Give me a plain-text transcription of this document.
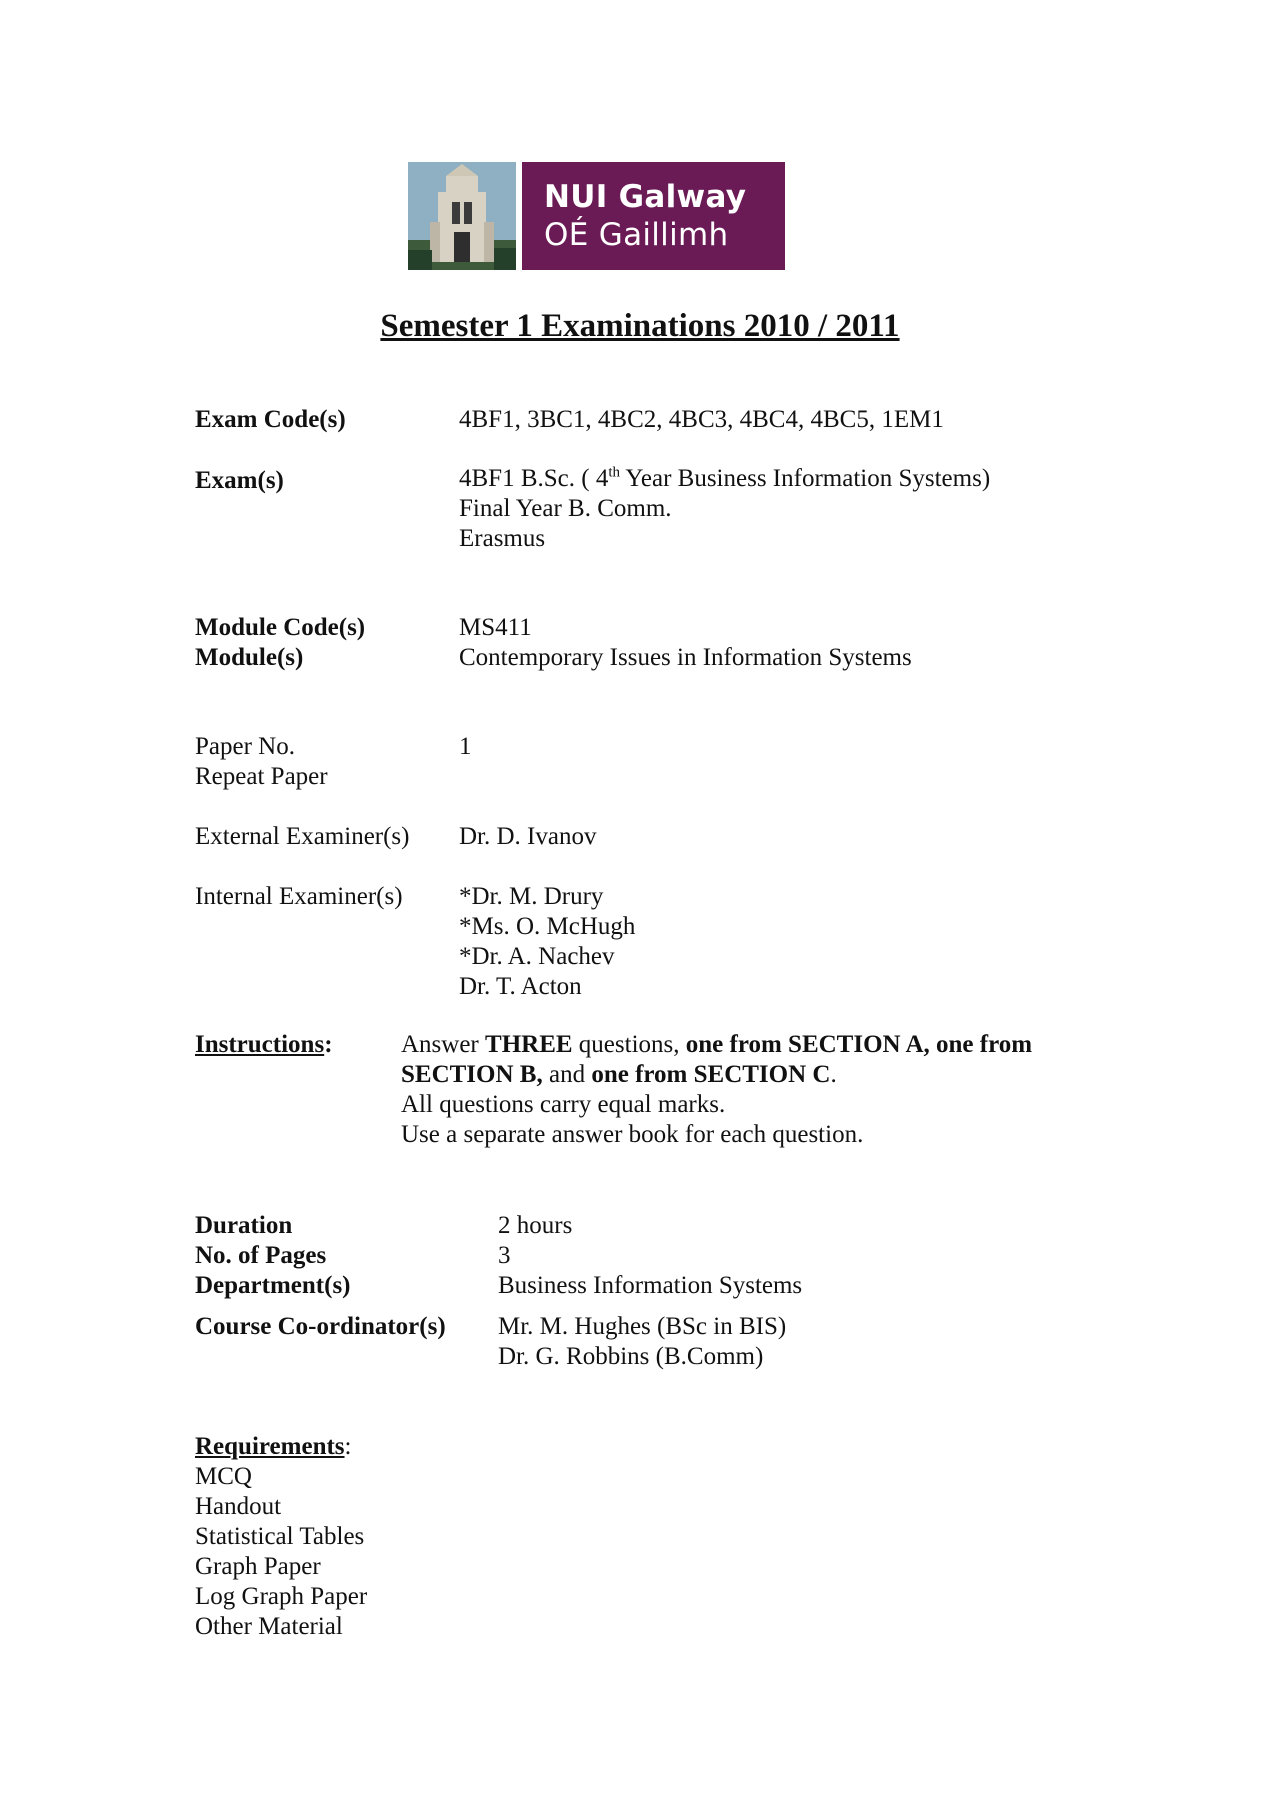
NUI Galway
OÉ Gaillimh
Semester 1 Examinations 2010 / 2011
Exam Code(s)	4BF1, 3BC1, 4BC2, 4BC3, 4BC4, 4BC5, 1EM1
Exam(s)	4BF1 B.Sc. ( 4th Year Business Information Systems)
Final Year B. Comm.
Erasmus
Module Code(s)	MS411
Module(s)	Contemporary Issues in Information Systems
Paper No.	1
Repeat Paper
External Examiner(s) Dr. D. Ivanov
Internal Examiner(s) *Dr. M. Drury
*Ms. O. McHugh
*Dr. A. Nachev
Dr. T. Acton
Instructions:	Answer THREE questions, one from SECTION A, one from
SECTION B, and one from SECTION C.
All questions carry equal marks.
Use a separate answer book for each question.
Duration	2 hours
No. of Pages	3
Department(s)	Business Information Systems
Course Co-ordinator(s) Mr. M. Hughes (BSc in BIS)
Dr. G. Robbins (B.Comm)
Requirements:
MCQ
Handout
Statistical Tables
Graph Paper
Log Graph Paper
Other Material
